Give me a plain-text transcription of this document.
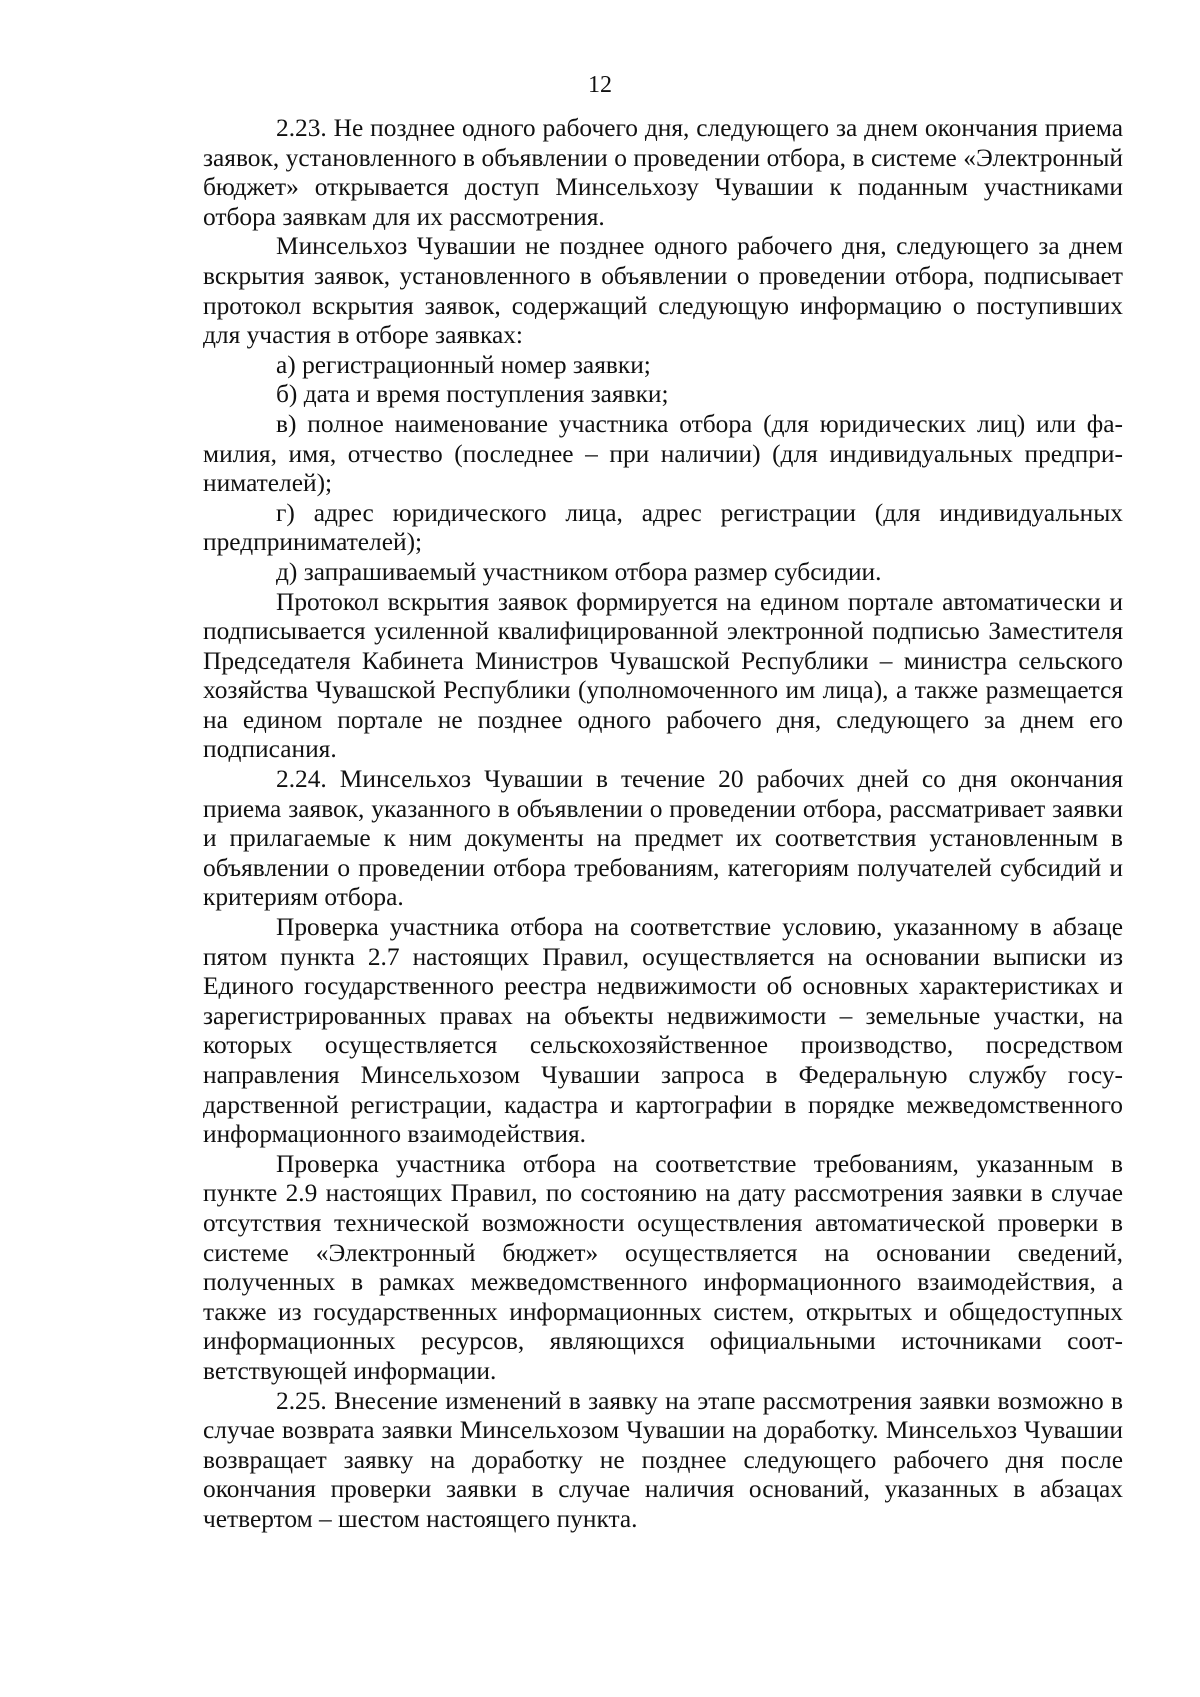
12

2.23. Не позднее одного рабочего дня, следующего за днем окончания приема заявок, установленного в объявлении о проведении отбора, в системе «Электронный бюджет» открывается доступ Минсельхозу Чувашии к поданным участниками отбора заявкам для их рассмотрения.

Минсельхоз Чувашии не позднее одного рабочего дня, следующего за днем вскрытия заявок, установленного в объявлении о проведении отбора, подписывает протокол вскрытия заявок, содержащий следующую информацию о поступивших для участия в отборе заявках:

а) регистрационный номер заявки;

б) дата и время поступления заявки;

в) полное наименование участника отбора (для юридических лиц) или фамилия, имя, отчество (последнее – при наличии) (для индивидуальных предпринимателей);

г) адрес юридического лица, адрес регистрации (для индивидуальных предпринимателей);

д) запрашиваемый участником отбора размер субсидии.

Протокол вскрытия заявок формируется на едином портале автоматически и подписывается усиленной квалифицированной электронной подписью Заместителя Председателя Кабинета Министров Чувашской Республики – министра сельского хозяйства Чувашской Республики (уполномоченного им лица), а также размещается на едином портале не позднее одного рабочего дня, следующего за днем его подписания.

2.24. Минсельхоз Чувашии в течение 20 рабочих дней со дня окончания приема заявок, указанного в объявлении о проведении отбора, рассматривает заявки и прилагаемые к ним документы на предмет их соответствия установленным в объявлении о проведении отбора требованиям, категориям получателей субсидий и критериям отбора.

Проверка участника отбора на соответствие условию, указанному в абзаце пятом пункта 2.7 настоящих Правил, осуществляется на основании выписки из Единого государственного реестра недвижимости об основных характеристиках и зарегистрированных правах на объекты недвижимости – земельные участки, на которых осуществляется сельскохозяйственное производство, посредством направления Минсельхозом Чувашии запроса в Федеральную службу государственной регистрации, кадастра и картографии в порядке межведомственного информационного взаимодействия.

Проверка участника отбора на соответствие требованиям, указанным в пункте 2.9 настоящих Правил, по состоянию на дату рассмотрения заявки в случае отсутствия технической возможности осуществления автоматической проверки в системе «Электронный бюджет» осуществляется на основании сведений, полученных в рамках межведомственного информационного взаимодействия, а также из государственных информационных систем, открытых и общедоступных информационных ресурсов, являющихся официальными источниками соответствующей информации.

2.25. Внесение изменений в заявку на этапе рассмотрения заявки возможно в случае возврата заявки Минсельхозом Чувашии на доработку. Минсельхоз Чувашии возвращает заявку на доработку не позднее следующего рабочего дня после окончания проверки заявки в случае наличия оснований, указанных в абзацах четвертом – шестом настоящего пункта.
